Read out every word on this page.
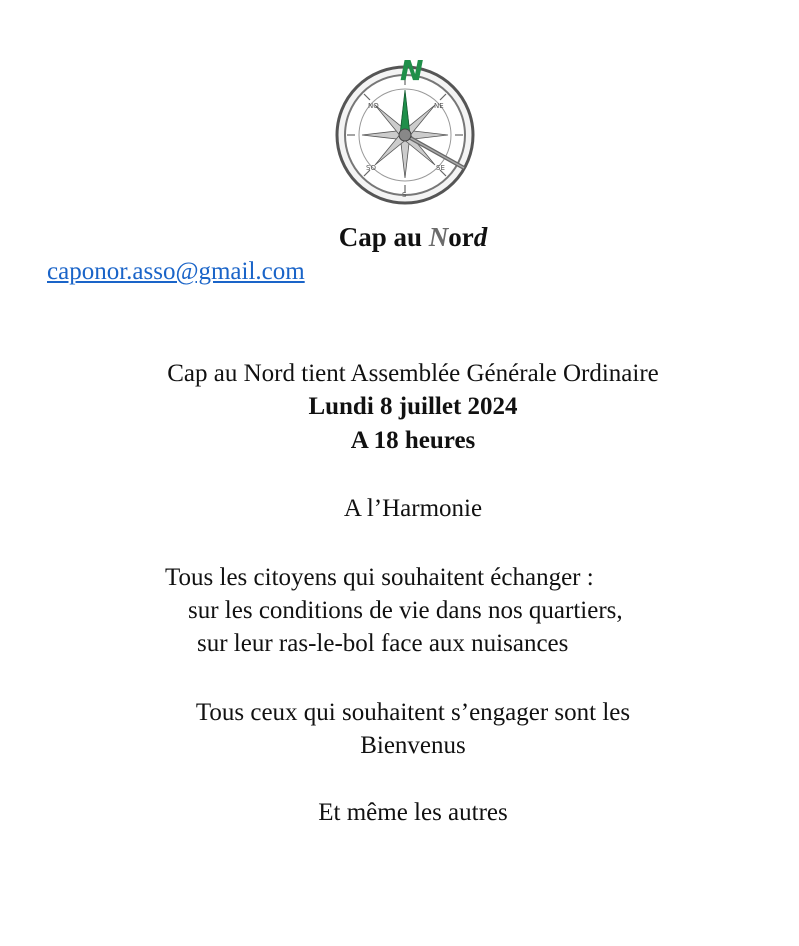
NO	NE
SO	SE
S
N
Cap au Nord
caponor.asso@gmail.com
Cap au Nord tient Assemblée Générale Ordinaire
Lundi 8 juillet 2024
A 18 heures
A l’Harmonie
Tous les citoyens qui souhaitent échanger :
sur les conditions de vie dans nos quartiers,
sur leur ras-le-bol face aux nuisances
Tous ceux qui souhaitent s’engager sont les
Bienvenus
Et même les autres
